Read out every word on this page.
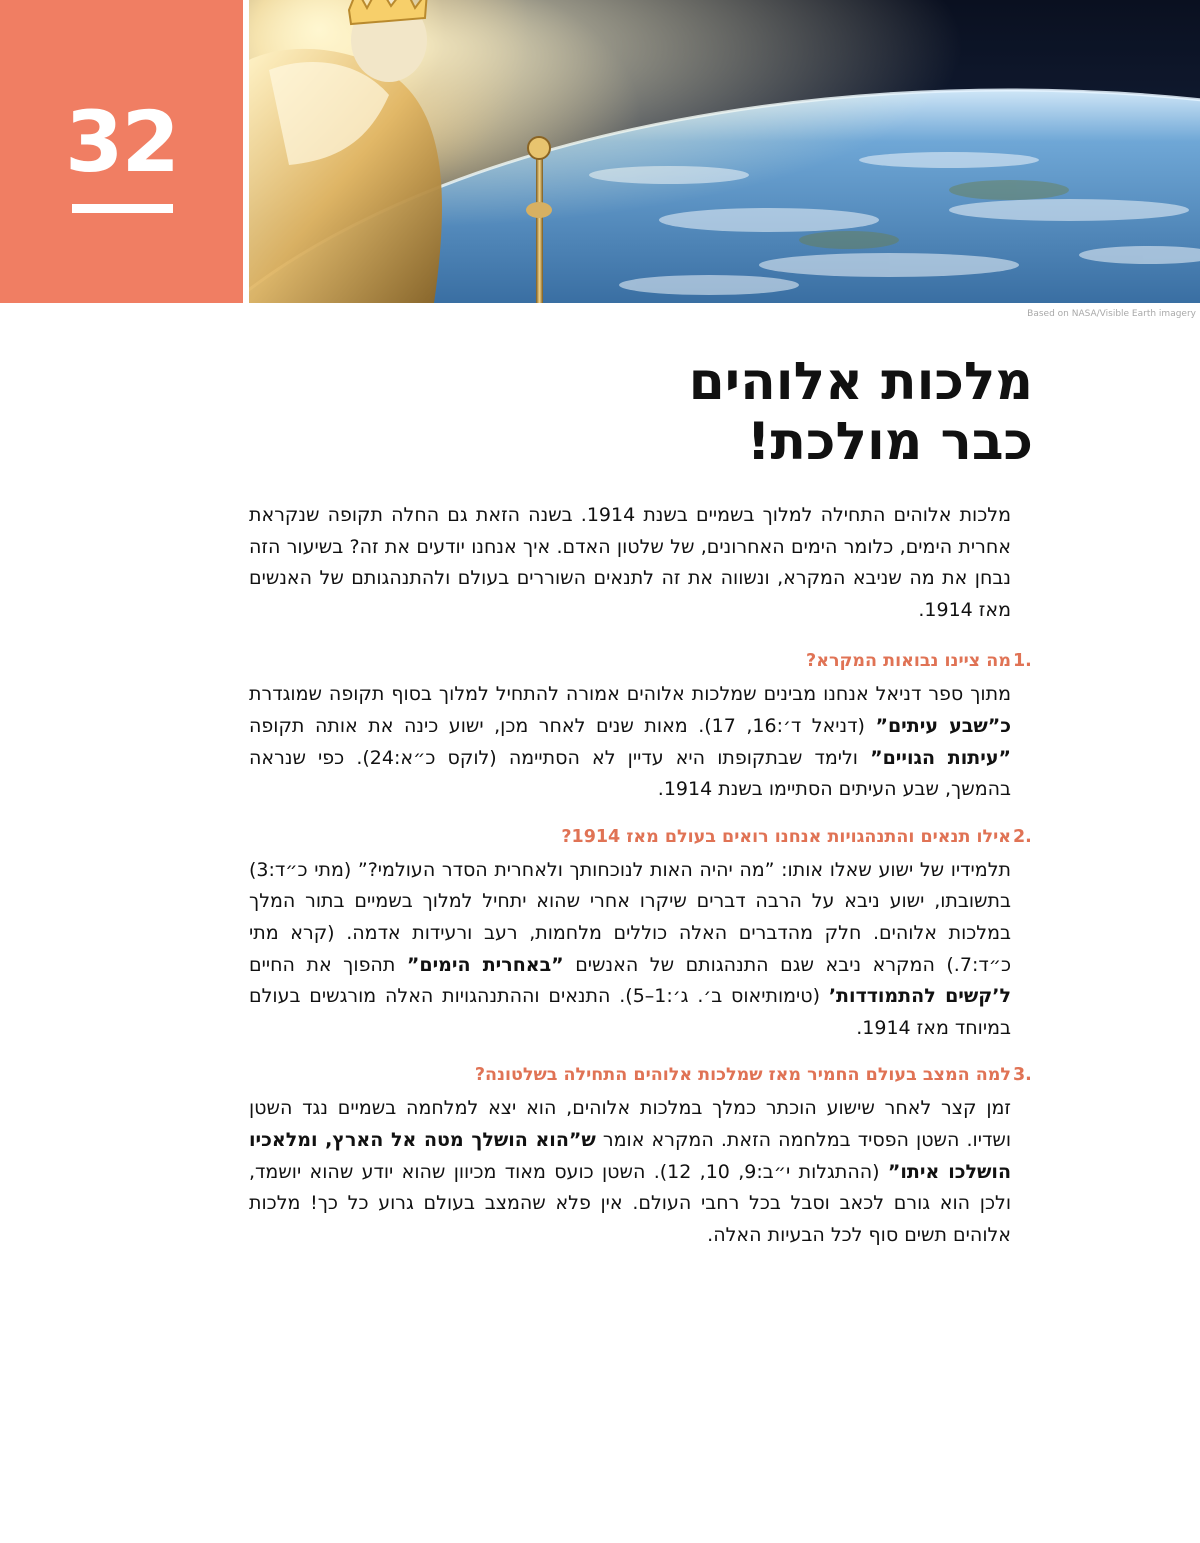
32
Based on NASA/Visible Earth imagery
מלכות אלוהים
כבר מולכת!

מלכות אלוהים התחילה למלוך בשמיים בשנת 1914. בשנה הזאת גם החלה תקופה שנקראת אחרית הימים, כלומר הימים האחרונים, של שלטון האדם. איך אנחנו יודעים את זה? בשיעור הזה נבחן את מה שניבא המקרא, ונשווה את זה לתנאים השוררים בעולם ולהתנהגותם של האנשים מאז 1914.

1.
מה ציינו נבואות המקרא?

מתוך ספר דניאל אנחנו מבינים שמלכות אלוהים אמורה להתחיל למלוך בסוף תקופה שמוגדרת כ”שבע עיתים” (דניאל ד׳:16, 17). מאות שנים לאחר מכן, ישוע כינה את אותה תקופה ”עיתות הגויים” ולימד שבתקופתו היא עדיין לא הסתיימה (לוקס כ״א:24). כפי שנראה בהמשך, שבע העיתים הסתיימו בשנת 1914.

2.
אילו תנאים והתנהגויות אנחנו רואים בעולם מאז 1914?

תלמידיו של ישוע שאלו אותו: ”מה יהיה האות לנוכחותך ולאחרית הסדר העולמי?” (מתי כ״ד:3) בתשובתו, ישוע ניבא על הרבה דברים שיקרו אחרי שהוא יתחיל למלוך בשמיים בתור המלך במלכות אלוהים. חלק מהדברים האלה כוללים מלחמות, רעב ורעידות אדמה. (קרא מתי כ״ד:7.) המקרא ניבא שגם התנהגותם של האנשים ”באחרית הימים” תהפוך את החיים ל’קשים להתמודדות’ (טימותיאוס ב׳. ג׳:1–5). התנאים וההתנהגויות האלה מורגשים בעולם במיוחד מאז 1914.

3.
למה המצב בעולם החמיר מאז שמלכות אלוהים התחילה בשלטונה?

זמן קצר לאחר שישוע הוכתר כמלך במלכות אלוהים, הוא יצא למלחמה בשמיים נגד השטן ושדיו. השטן הפסיד במלחמה הזאת. המקרא אומר ש”הוא הושלך מטה אל הארץ, ומלאכיו הושלכו איתו” (ההתגלות י״ב:9, 10, 12). השטן כועס מאוד מכיוון שהוא יודע שהוא יושמד, ולכן הוא גורם לכאב וסבל בכל רחבי העולם. אין פלא שהמצב בעולם גרוע כל כך! מלכות אלוהים תשים סוף לכל הבעיות האלה.
